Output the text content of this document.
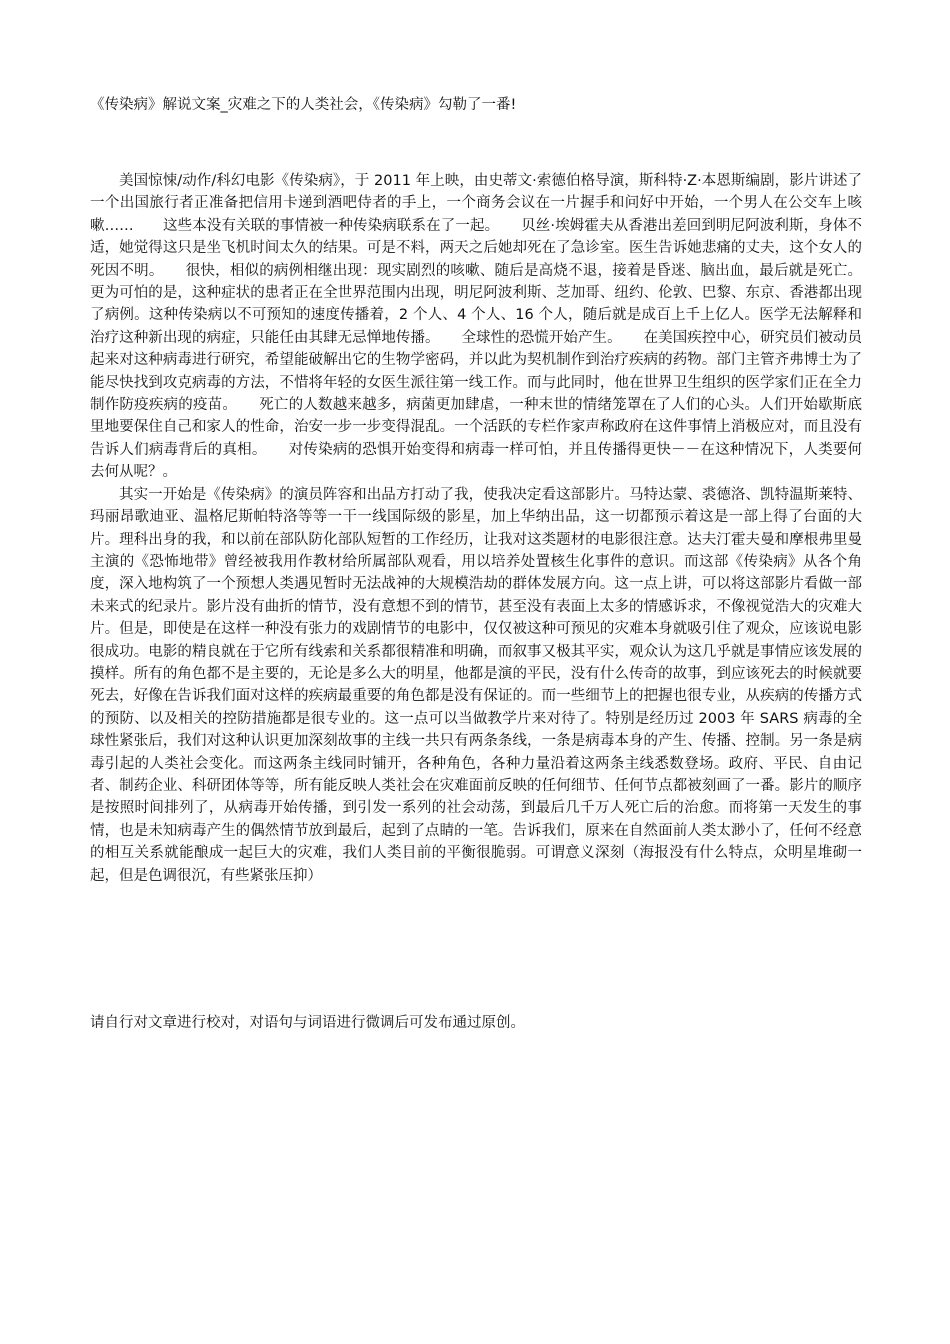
《传染病》解说文案_灾难之下的人类社会，《传染病》勾勒了一番!

美国惊悚/动作/科幻电影《传染病》，于 2011 年上映，由史蒂文·索德伯格导演，斯科特·Z·本恩斯编剧，影片讲述了一个出国旅行者正准备把信用卡递到酒吧侍者的手上，一个商务会议在一片握手和问好中开始，一个男人在公交车上咳嗽……　　这些本没有关联的事情被一种传染病联系在了一起。　　贝丝·埃姆霍夫从香港出差回到明尼阿波利斯，身体不适，她觉得这只是坐飞机时间太久的结果。可是不料，两天之后她却死在了急诊室。医生告诉她悲痛的丈夫，这个女人的死因不明。　　很快，相似的病例相继出现：现实剧烈的咳嗽、随后是高烧不退，接着是昏迷、脑出血，最后就是死亡。更为可怕的是，这种症状的患者正在全世界范围内出现，明尼阿波利斯、芝加哥、纽约、伦敦、巴黎、东京、香港都出现了病例。这种传染病以不可预知的速度传播着，2 个人、4 个人、16 个人，随后就是成百上千上亿人。医学无法解释和治疗这种新出现的病症，只能任由其肆无忌惮地传播。　　全球性的恐慌开始产生。　　在美国疾控中心，研究员们被动员起来对这种病毒进行研究，希望能破解出它的生物学密码，并以此为契机制作到治疗疾病的药物。部门主管齐弗博士为了能尽快找到攻克病毒的方法，不惜将年轻的女医生派往第一线工作。而与此同时，他在世界卫生组织的医学家们正在全力制作防疫疾病的疫苗。　　死亡的人数越来越多，病菌更加肆虐，一种末世的情绪笼罩在了人们的心头。人们开始歇斯底里地要保住自己和家人的性命，治安一步一步变得混乱。一个活跃的专栏作家声称政府在这件事情上消极应对，而且没有告诉人们病毒背后的真相。　　对传染病的恐惧开始变得和病毒一样可怕，并且传播得更快－－在这种情况下，人类要何去何从呢？。

其实一开始是《传染病》的演员阵容和出品方打动了我，使我决定看这部影片。马特达蒙、裘德洛、凯特温斯莱特、玛丽昂歌迪亚、温格尼斯帕特洛等等一干一线国际级的影星，加上华纳出品，这一切都预示着这是一部上得了台面的大片。理科出身的我，和以前在部队防化部队短暂的工作经历，让我对这类题材的电影很注意。达夫汀霍夫曼和摩根弗里曼主演的《恐怖地带》曾经被我用作教材给所属部队观看，用以培养处置核生化事件的意识。而这部《传染病》从各个角度，深入地构筑了一个预想人类遇见暂时无法战神的大规模浩劫的群体发展方向。这一点上讲，可以将这部影片看做一部未来式的纪录片。影片没有曲折的情节，没有意想不到的情节，甚至没有表面上太多的情感诉求，不像视觉浩大的灾难大片。但是，即使是在这样一种没有张力的戏剧情节的电影中，仅仅被这种可预见的灾难本身就吸引住了观众，应该说电影很成功。电影的精良就在于它所有线索和关系都很精准和明确，而叙事又极其平实，观众认为这几乎就是事情应该发展的摸样。所有的角色都不是主要的，无论是多么大的明星，他都是演的平民，没有什么传奇的故事，到应该死去的时候就要死去，好像在告诉我们面对这样的疾病最重要的角色都是没有保证的。而一些细节上的把握也很专业，从疾病的传播方式的预防、以及相关的控防措施都是很专业的。这一点可以当做教学片来对待了。特别是经历过 2003 年 SARS 病毒的全球性紧张后，我们对这种认识更加深刻故事的主线一共只有两条条线，一条是病毒本身的产生、传播、控制。另一条是病毒引起的人类社会变化。而这两条主线同时铺开，各种角色，各种力量沿着这两条主线悉数登场。政府、平民、自由记者、制药企业、科研团体等等，所有能反映人类社会在灾难面前反映的任何细节、任何节点都被刻画了一番。影片的顺序是按照时间排列了，从病毒开始传播，到引发一系列的社会动荡，到最后几千万人死亡后的治愈。而将第一天发生的事情，也是未知病毒产生的偶然情节放到最后，起到了点睛的一笔。告诉我们，原来在自然面前人类太渺小了，任何不经意的相互关系就能酿成一起巨大的灾难，我们人类目前的平衡很脆弱。可谓意义深刻（海报没有什么特点，众明星堆砌一起，但是色调很沉，有些紧张压抑）

请自行对文章进行校对，对语句与词语进行微调后可发布通过原创。
